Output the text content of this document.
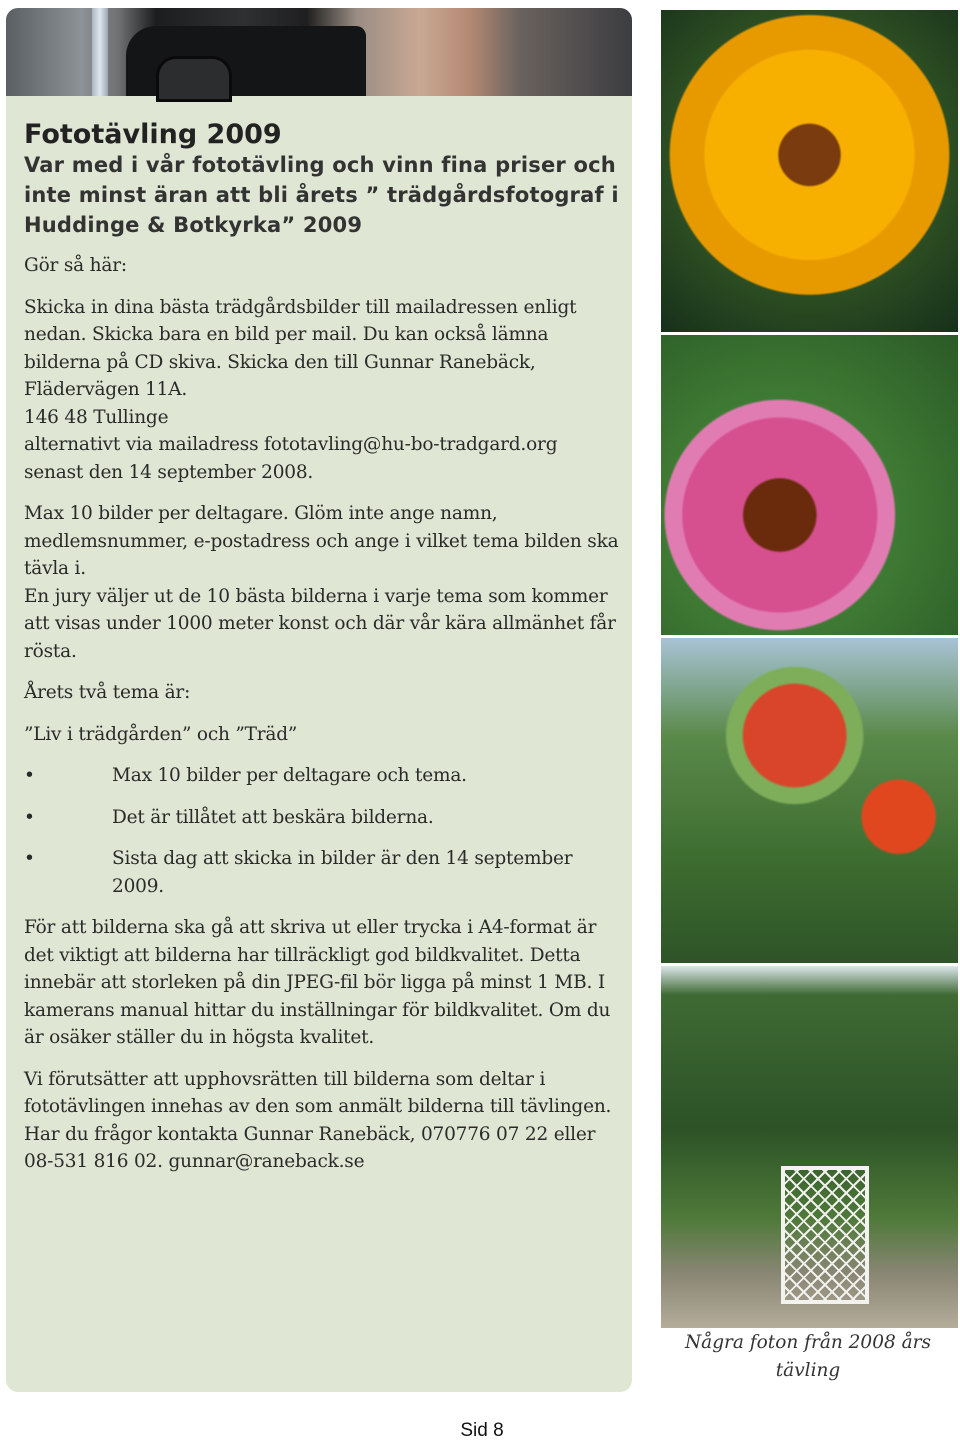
Fototävling 2009
Var med i vår fototävling och vinn fina priser och inte minst äran att bli årets ” trädgårdsfotograf i Huddinge & Botkyrka” 2009

Gör så här:

Skicka in dina bästa trädgårdsbilder till mailadressen enligt nedan. Skicka bara en bild per mail. Du kan också lämna bilderna på CD skiva. Skicka den till Gunnar Ranebäck, Flädervägen 11A.

146 48 Tullinge

alternativt via mailadress fototavling@hu-bo-tradgard.org

senast den 14 september 2008.

Max 10 bilder per deltagare. Glöm inte ange namn, medlemsnummer, e-postadress och ange i vilket tema bilden ska tävla i.

En jury väljer ut de 10 bästa bilderna i varje tema som kommer att visas under 1000 meter konst och där vår kära allmänhet får rösta.

Årets två tema är:

”Liv i trädgården” och ”Träd”

•	Max 10 bilder per deltagare och tema.
•	Det är tillåtet att beskära bilderna.
•	Sista dag att skicka in bilder är den 14 september 2009.

För att bilderna ska gå att skriva ut eller trycka i A4-format är det viktigt att bilderna har tillräckligt god bildkvalitet. Detta innebär att storleken på din JPEG-fil bör ligga på minst 1 MB. I kamerans manual hittar du inställningar för bildkvalitet. Om du är osäker ställer du in högsta kvalitet.

Vi förutsätter att upphovsrätten till bilderna som deltar i fototävlingen innehas av den som anmält bilderna till tävlingen.

Har du frågor kontakta Gunnar Ranebäck, 070776 07 22 eller 08-531 816 02. gunnar@raneback.se

Några foton från 2008 års tävling
Sid 8
